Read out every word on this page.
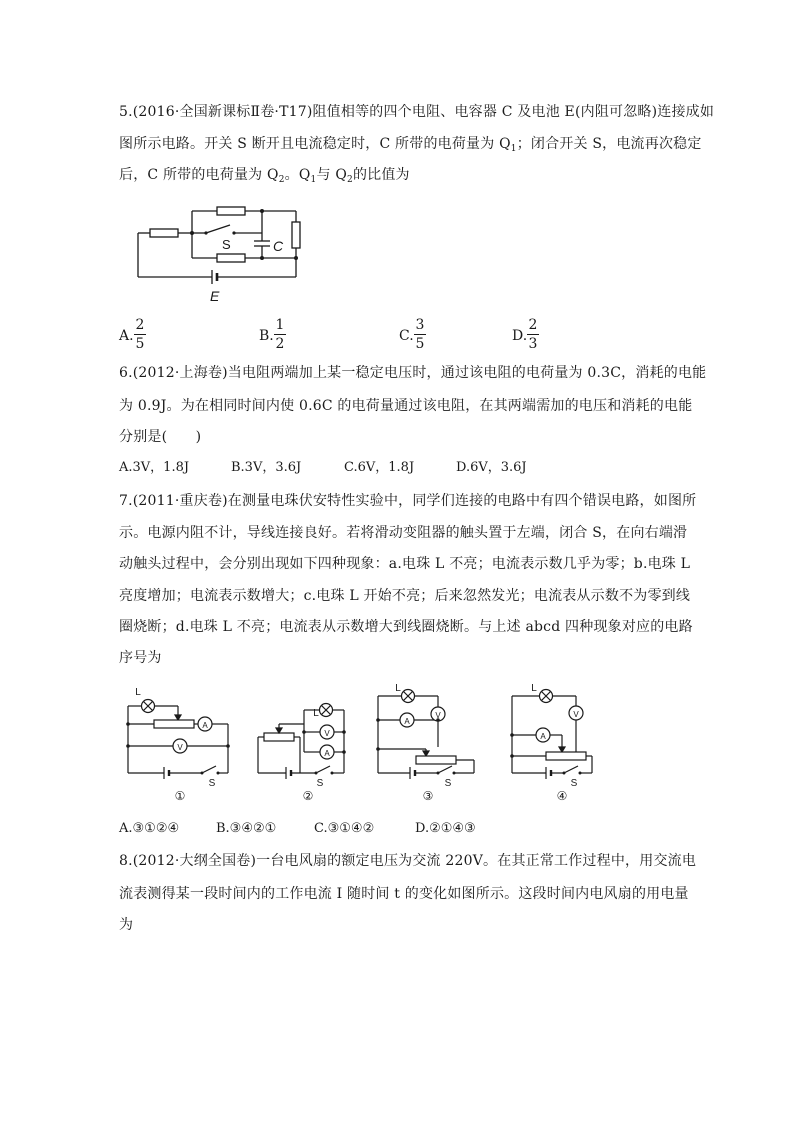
5.(2016·全国新课标Ⅱ卷·T17)阻值相等的四个电阻、电容器 C 及电池 E(内阻可忽略)连接成如
图所示电路。开关 S 断开且电流稳定时，C 所带的电荷量为 $Q_1$；闭合开关 S，电流再次稳定
后，C 所带的电荷量为 $Q_2$。$Q_1$与 $Q_2$的比值为
S	C
E
A.
2
5	B.
1
2	C.
3
5	D.
2
3
6.(2012·上海卷)当电阻两端加上某一稳定电压时，通过该电阻的电荷量为 0.3C，消耗的电能
为 0.9J。为在相同时间内使 0.6C 的电荷量通过该电阻，在其两端需加的电压和消耗的电能
分别是(　　)
A.3V，1.8J	B.3V，3.6J	C.6V，1.8J	D.6V，3.6J
7.(2011·重庆卷)在测量电珠伏安特性实验中，同学们连接的电路中有四个错误电路，如图所
示。电源内阻不计，导线连接良好。若将滑动变阻器的触头置于左端，闭合 S，在向右端滑
动触头过程中，会分别出现如下四种现象：a.电珠 L 不亮；电流表示数几乎为零；b.电珠 L
亮度增加；电流表示数增大；c.电珠 L 开始不亮；后来忽然发光；电流表从示数不为零到线
圈烧断；d.电珠 L 不亮；电流表从示数增大到线圈烧断。与上述 abcd 四种现象对应的电路
序号为
L
A
V
S
①
L
V
A
S
②
L
A
V
S
③
L
A
V
S
④
A.③①②④	B.③④②①	C.③①④②	D.②①④③
8.(2012·大纲全国卷)一台电风扇的额定电压为交流 220V。在其正常工作过程中，用交流电
流表测得某一段时间内的工作电流 I 随时间 t 的变化如图所示。这段时间内电风扇的用电量
为
